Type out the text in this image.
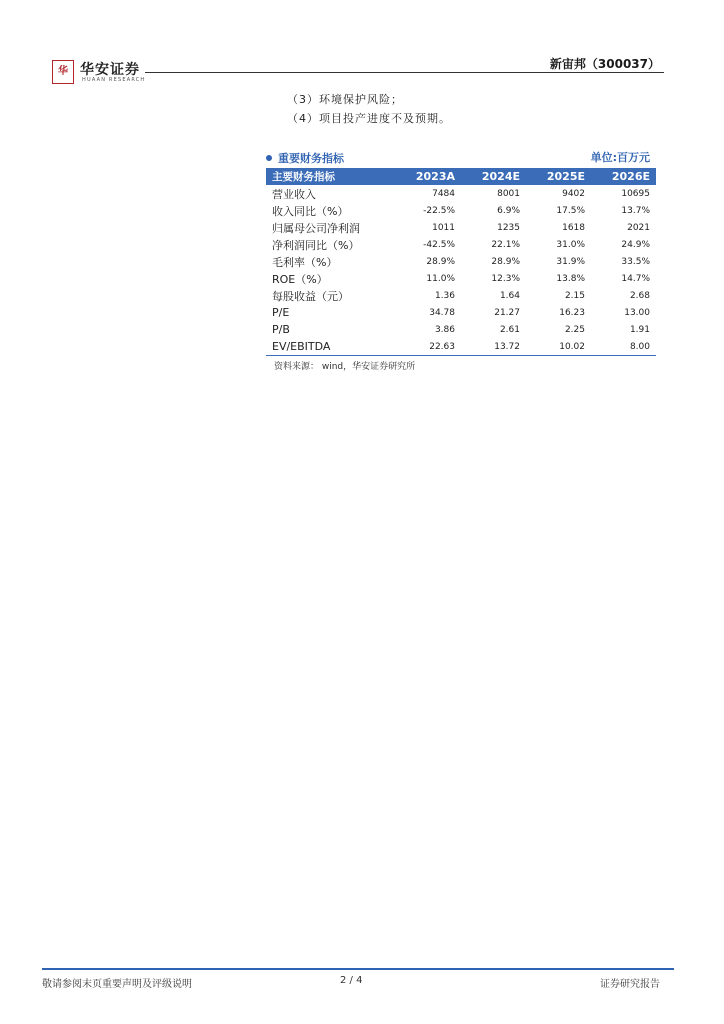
华 华安证券
HUAAN RESEARCH
新宙邦（300037）
（3）环境保护风险；
（4）项目投产进度不及预期。
重要财务指标	单位:百万元
主要财务指标	2023A	2024E	2025E	2026E
营业收入	7484	8001	9402	10695
收入同比（%）	-22.5%	6.9%	17.5%	13.7%
归属母公司净利润	1011	1235	1618	2021
净利润同比（%）	-42.5%	22.1%	31.0%	24.9%
毛利率（%）	28.9%	28.9%	31.9%	33.5%
ROE（%）	11.0%	12.3%	13.8%	14.7%
每股收益（元）	1.36	1.64	2.15	2.68
P/E	34.78	21.27	16.23	13.00
P/B	3.86	2.61	2.25	1.91
EV/EBITDA	22.63	13.72	10.02	8.00
资料来源： wind，华安证券研究所
敬请参阅末页重要声明及评级说明	2 / 4	证券研究报告
